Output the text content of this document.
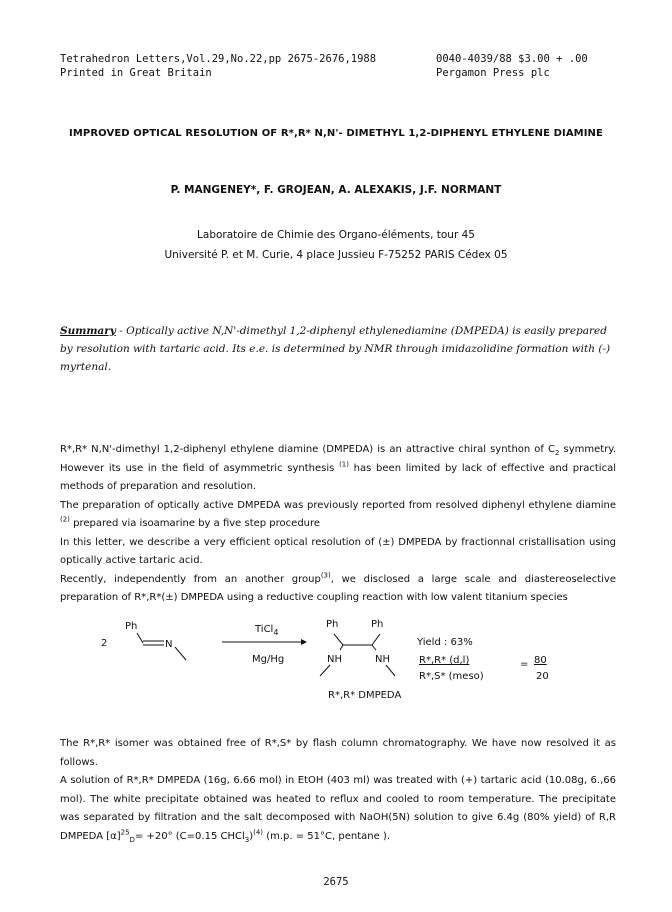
Tetrahedron Letters,Vol.29,No.22,pp 2675-2676,1988	0040-4039/88 $3.00 + .00
Printed in Great Britain	Pergamon Press plc
IMPROVED OPTICAL RESOLUTION OF R*,R* N,N'- DIMETHYL 1,2-DIPHENYL ETHYLENE DIAMINE
P. MANGENEY*, F. GROJEAN, A. ALEXAKIS, J.F. NORMANT
Laboratoire de Chimie des Organo-éléments, tour 45
Université P. et M. Curie, 4 place Jussieu F-75252 PARIS Cédex 05
Summary - Optically active N,N'-dimethyl 1,2-diphenyl ethylenediamine (DMPEDA) is easily prepared by resolution with tartaric acid. Its e.e. is determined by NMR through imidazolidine formation with (-) myrtenal.
R*,R* N,N'-dimethyl 1,2-diphenyl ethylene diamine (DMPEDA) is an attractive chiral synthon of $C_2$ symmetry. However its use in the field of asymmetric synthesis $^{(1)}$ has been limited by lack of effective and practical methods of preparation and resolution.
The preparation of optically active DMPEDA was previously reported from resolved diphenyl ethylene diamine $^{(2)}$ prepared via isoamarine by a five step procedure
In this letter, we describe a very efficient optical resolution of (±) DMPEDA by fractionnal cristallisation using optically active tartaric acid.
Recently, independently from an another group$^{(3)}$, we disclosed a large scale and diastereoselective preparation of R*,R*(±) DMPEDA using a reductive coupling reaction with low valent titanium species
2
Ph
N
TiCl$_4$
Mg/Hg
Ph	Ph
NH	NH
R*,R* DMPEDA
Yield : 63%
R*,R* (d,l)	= 80
R*,S* (meso)	20
The R*,R* isomer was obtained free of R*,S* by flash column chromatography. We have now resolved it as follows.
A solution of R*,R* DMPEDA (16g, 6.66 mol) in EtOH (403 ml) was treated with (+) tartaric acid (10.08g, 6.,66 mol). The white precipitate obtained was heated to reflux and cooled to room temperature. The precipitate was separated by filtration and the salt decomposed with NaOH(5N) solution to give 6.4g (80% yield) of R,R DMPEDA $[\alpha]^{25}_D= +20^\circ$ (C=0.15 CHCl$_3$)$^{(4)}$ (m.p. = 51°C, pentane ).
2675
